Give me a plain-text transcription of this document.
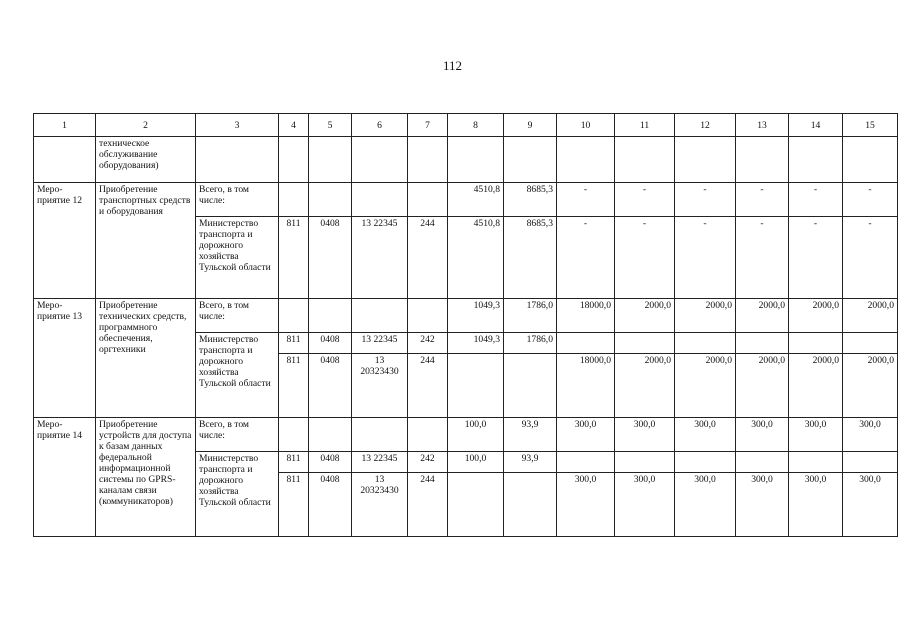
112
1	2	3	4	5	6	7	8	9	10	11	12	13	14	15
	техническое обслуживание оборудования)													
Меро-
приятие 12	Приобретение транспортных средств и оборудования	Всего, в том числе:					4510,8	8685,3	-	-	-	-	-	-
		Министерство транспорта и дорожного хозяйства Тульской области	811	0408	13 22345	244	4510,8	8685,3	-	-	-	-	-	-
Меро-
приятие 13	Приобретение технических средств, программного обеспечения, оргтехники	Всего, в том числе:					1049,3	1786,0	18000,0	2000,0	2000,0	2000,0	2000,0	2000,0
		Министерство транспорта и дорожного хозяйства Тульской области	811	0408	13 22345	242	1049,3	1786,0						
			811	0408	13 20323430	244			18000,0	2000,0	2000,0	2000,0	2000,0	2000,0
Меро-
приятие 14	Приобретение устройств для доступа к базам данных федеральной информационной системы по GPRS-каналам связи (коммуникаторов)	Всего, в том числе:					100,0	93,9	300,0	300,0	300,0	300,0	300,0	300,0
		Министерство транспорта и дорожного хозяйства Тульской области	811	0408	13 22345	242	100,0	93,9						
			811	0408	13 20323430	244			300,0	300,0	300,0	300,0	300,0	300,0
